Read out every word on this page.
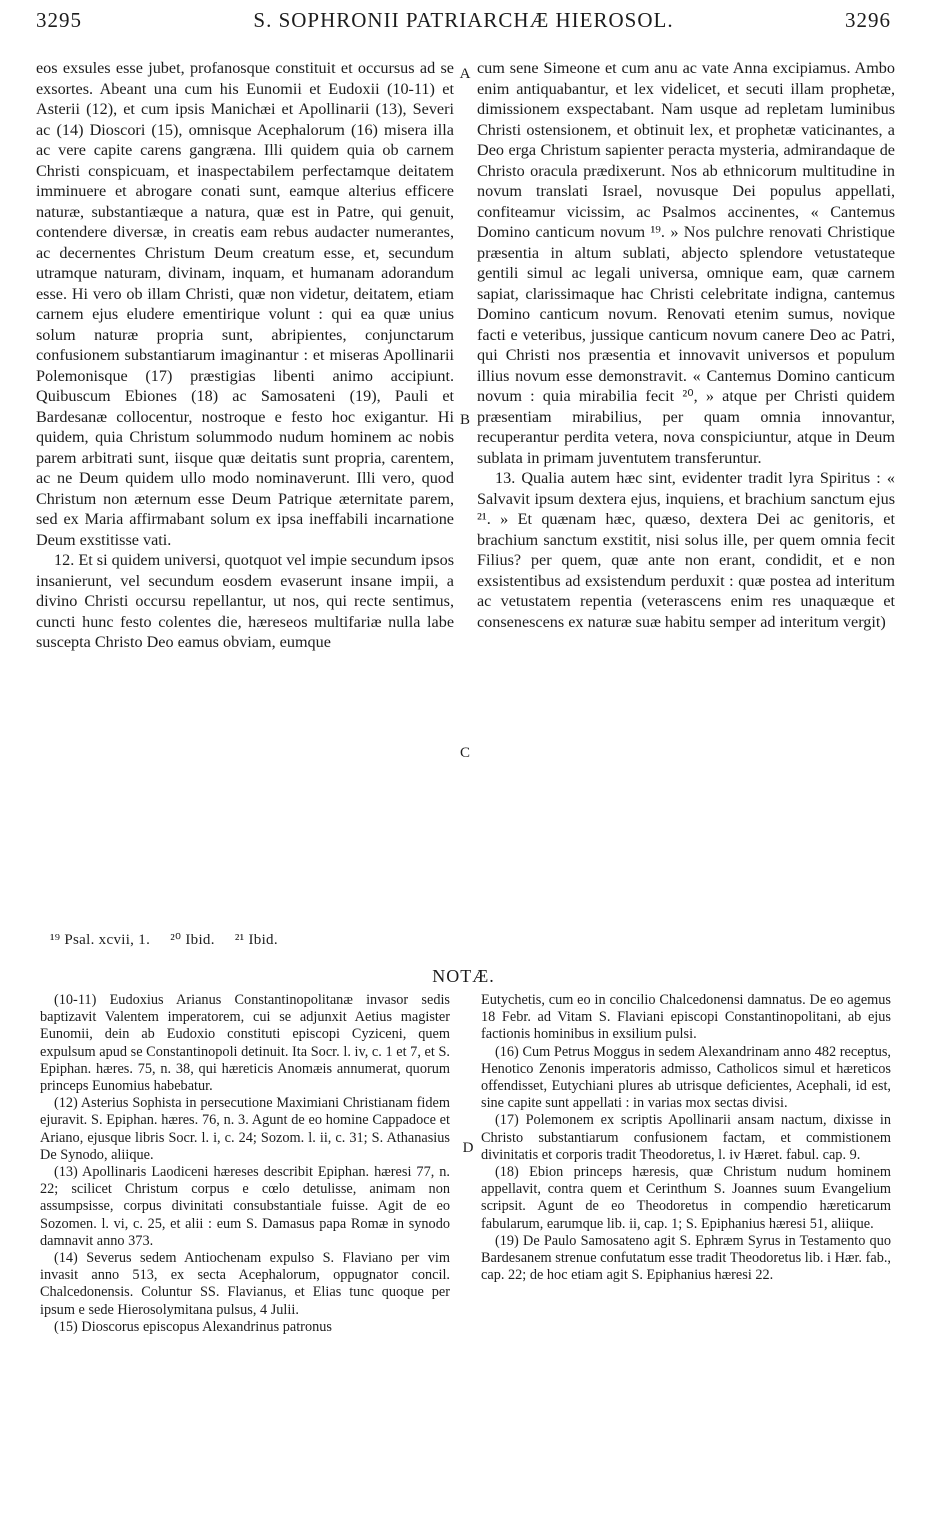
3295	S. SOPHRONII PATRIARCHÆ HIEROSOL.	3296

eos exsules esse jubet, profanosque constituit et occursus ad se exsortes. Abeant una cum his Eunomii et Eudoxii (10-11) et Asterii (12), et cum ipsis Manichæi et Apollinarii (13), Severi ac (14) Dioscori (15), omnisque Acephalorum (16) misera illa ac vere capite carens gangræna. Illi quidem quia ob carnem Christi conspicuam, et inaspectabilem perfectamque deitatem imminuere et abrogare conati sunt, eamque alterius efficere naturæ, substantiæque a natura, quæ est in Patre, qui genuit, contendere diversæ, in creatis eam rebus audacter numerantes, ac decernentes Christum Deum creatum esse, et, secundum utramque naturam, divinam, inquam, et humanam adorandum esse. Hi vero ob illam Christi, quæ non videtur, deitatem, etiam carnem ejus eludere ementirique volunt : qui ea quæ unius solum naturæ propria sunt, abripientes, conjunctarum confusionem substantiarum imaginantur : et miseras Apollinarii Polemonisque (17) præstigias libenti animo accipiunt. Quibuscum Ebiones (18) ac Samosateni (19), Pauli et Bardesanæ collocentur, nostroque e festo hoc exigantur. Hi quidem, quia Christum solummodo nudum hominem ac nobis parem arbitrati sunt, iisque quæ deitatis sunt propria, carentem, ac ne Deum quidem ullo modo nominaverunt. Illi vero, quod Christum non æternum esse Deum Patrique æternitate parem, sed ex Maria affirmabant solum ex ipsa ineffabili incarnatione Deum exstitisse vati.

12. Et si quidem universi, quotquot vel impie secundum ipsos insanierunt, vel secundum eosdem evaserunt insane impii, a divino Christi occursu repellantur, ut nos, qui recte sentimus, cuncti hunc festo colentes die, hæreseos multifariæ nulla labe suscepta Christo Deo eamus obviam, eumque

cum sene Simeone et cum anu ac vate Anna excipiamus. Ambo enim antiquabantur, et lex videlicet, et secuti illam prophetæ, dimissionem exspectabant. Nam usque ad repletam luminibus Christi ostensionem, et obtinuit lex, et prophetæ vaticinantes, a Deo erga Christum sapienter peracta mysteria, admirandaque de Christo oracula prædixerunt. Nos ab ethnicorum multitudine in novum translati Israel, novusque Dei populus appellati, confiteamur vicissim, ac Psalmos accinentes, « Cantemus Domino canticum novum ¹⁹. » Nos pulchre renovati Christique præsentia in altum sublati, abjecto splendore vetustateque gentili simul ac legali universa, omnique eam, quæ carnem sapiat, clarissimaque hac Christi celebritate indigna, cantemus Domino canticum novum. Renovati etenim sumus, novique facti e veteribus, jussique canticum novum canere Deo ac Patri, qui Christi nos præsentia et innovavit universos et populum illius novum esse demonstravit. « Cantemus Domino canticum novum : quia mirabilia fecit ²⁰, » atque per Christi quidem præsentiam mirabilius, per quam omnia innovantur, recuperantur perdita vetera, nova conspiciuntur, atque in Deum sublata in primam juventutem transferuntur.

13. Qualia autem hæc sint, evidenter tradit lyra Spiritus : « Salvavit ipsum dextera ejus, inquiens, et brachium sanctum ejus ²¹. » Et quænam hæc, quæso, dextera Dei ac genitoris, et brachium sanctum exstitit, nisi solus ille, per quem omnia fecit Filius? per quem, quæ ante non erant, condidit, et e non exsistentibus ad exsistendum perduxit : quæ postea ad interitum ac vetustatem repentia (veterascens enim res unaquæque et consenescens ex naturæ suæ habitu semper ad interitum vergit)

A
B
C
D
¹⁹ Psal. xcvii, 1. ²⁰ Ibid. ²¹ Ibid.
NOTÆ.

(10-11) Eudoxius Arianus Constantinopolitanæ invasor sedis baptizavit Valentem imperatorem, cui se adjunxit Aetius magister Eunomii, dein ab Eudoxio constituti episcopi Cyziceni, quem expulsum apud se Constantinopoli detinuit. Ita Socr. l. iv, c. 1 et 7, et S. Epiphan. hæres. 75, n. 38, qui hæreticis Anomæis annumerat, quorum princeps Eunomius habebatur.

(12) Asterius Sophista in persecutione Maximiani Christianam fidem ejuravit. S. Epiphan. hæres. 76, n. 3. Agunt de eo homine Cappadoce et Ariano, ejusque libris Socr. l. i, c. 24; Sozom. l. ii, c. 31; S. Athanasius De Synodo, aliique.

(13) Apollinaris Laodiceni hæreses describit Epiphan. hæresi 77, n. 22; scilicet Christum corpus e cœlo detulisse, animam non assumpsisse, corpus divinitati consubstantiale fuisse. Agit de eo Sozomen. l. vi, c. 25, et alii : eum S. Damasus papa Romæ in synodo damnavit anno 373.

(14) Severus sedem Antiochenam expulso S. Flaviano per vim invasit anno 513, ex secta Acephalorum, oppugnator concil. Chalcedonensis. Coluntur SS. Flavianus, et Elias tunc quoque per ipsum e sede Hierosolymitana pulsus, 4 Julii.

(15) Dioscorus episcopus Alexandrinus patronus

Eutychetis, cum eo in concilio Chalcedonensi damnatus. De eo agemus 18 Febr. ad Vitam S. Flaviani episcopi Constantinopolitani, ab ejus factionis hominibus in exsilium pulsi.

(16) Cum Petrus Moggus in sedem Alexandrinam anno 482 receptus, Henotico Zenonis imperatoris admisso, Catholicos simul et hæreticos offendisset, Eutychiani plures ab utrisque deficientes, Acephali, id est, sine capite sunt appellati : in varias mox sectas divisi.

(17) Polemonem ex scriptis Apollinarii ansam nactum, dixisse in Christo substantiarum confusionem factam, et commistionem divinitatis et corporis tradit Theodoretus, l. iv Hæret. fabul. cap. 9.

(18) Ebion princeps hæresis, quæ Christum nudum hominem appellavit, contra quem et Cerinthum S. Joannes suum Evangelium scripsit. Agunt de eo Theodoretus in compendio hæreticarum fabularum, earumque lib. ii, cap. 1; S. Epiphanius hæresi 51, aliique.

(19) De Paulo Samosateno agit S. Ephræm Syrus in Testamento quo Bardesanem strenue confutatum esse tradit Theodoretus lib. i Hær. fab., cap. 22; de hoc etiam agit S. Epiphanius hæresi 22.
